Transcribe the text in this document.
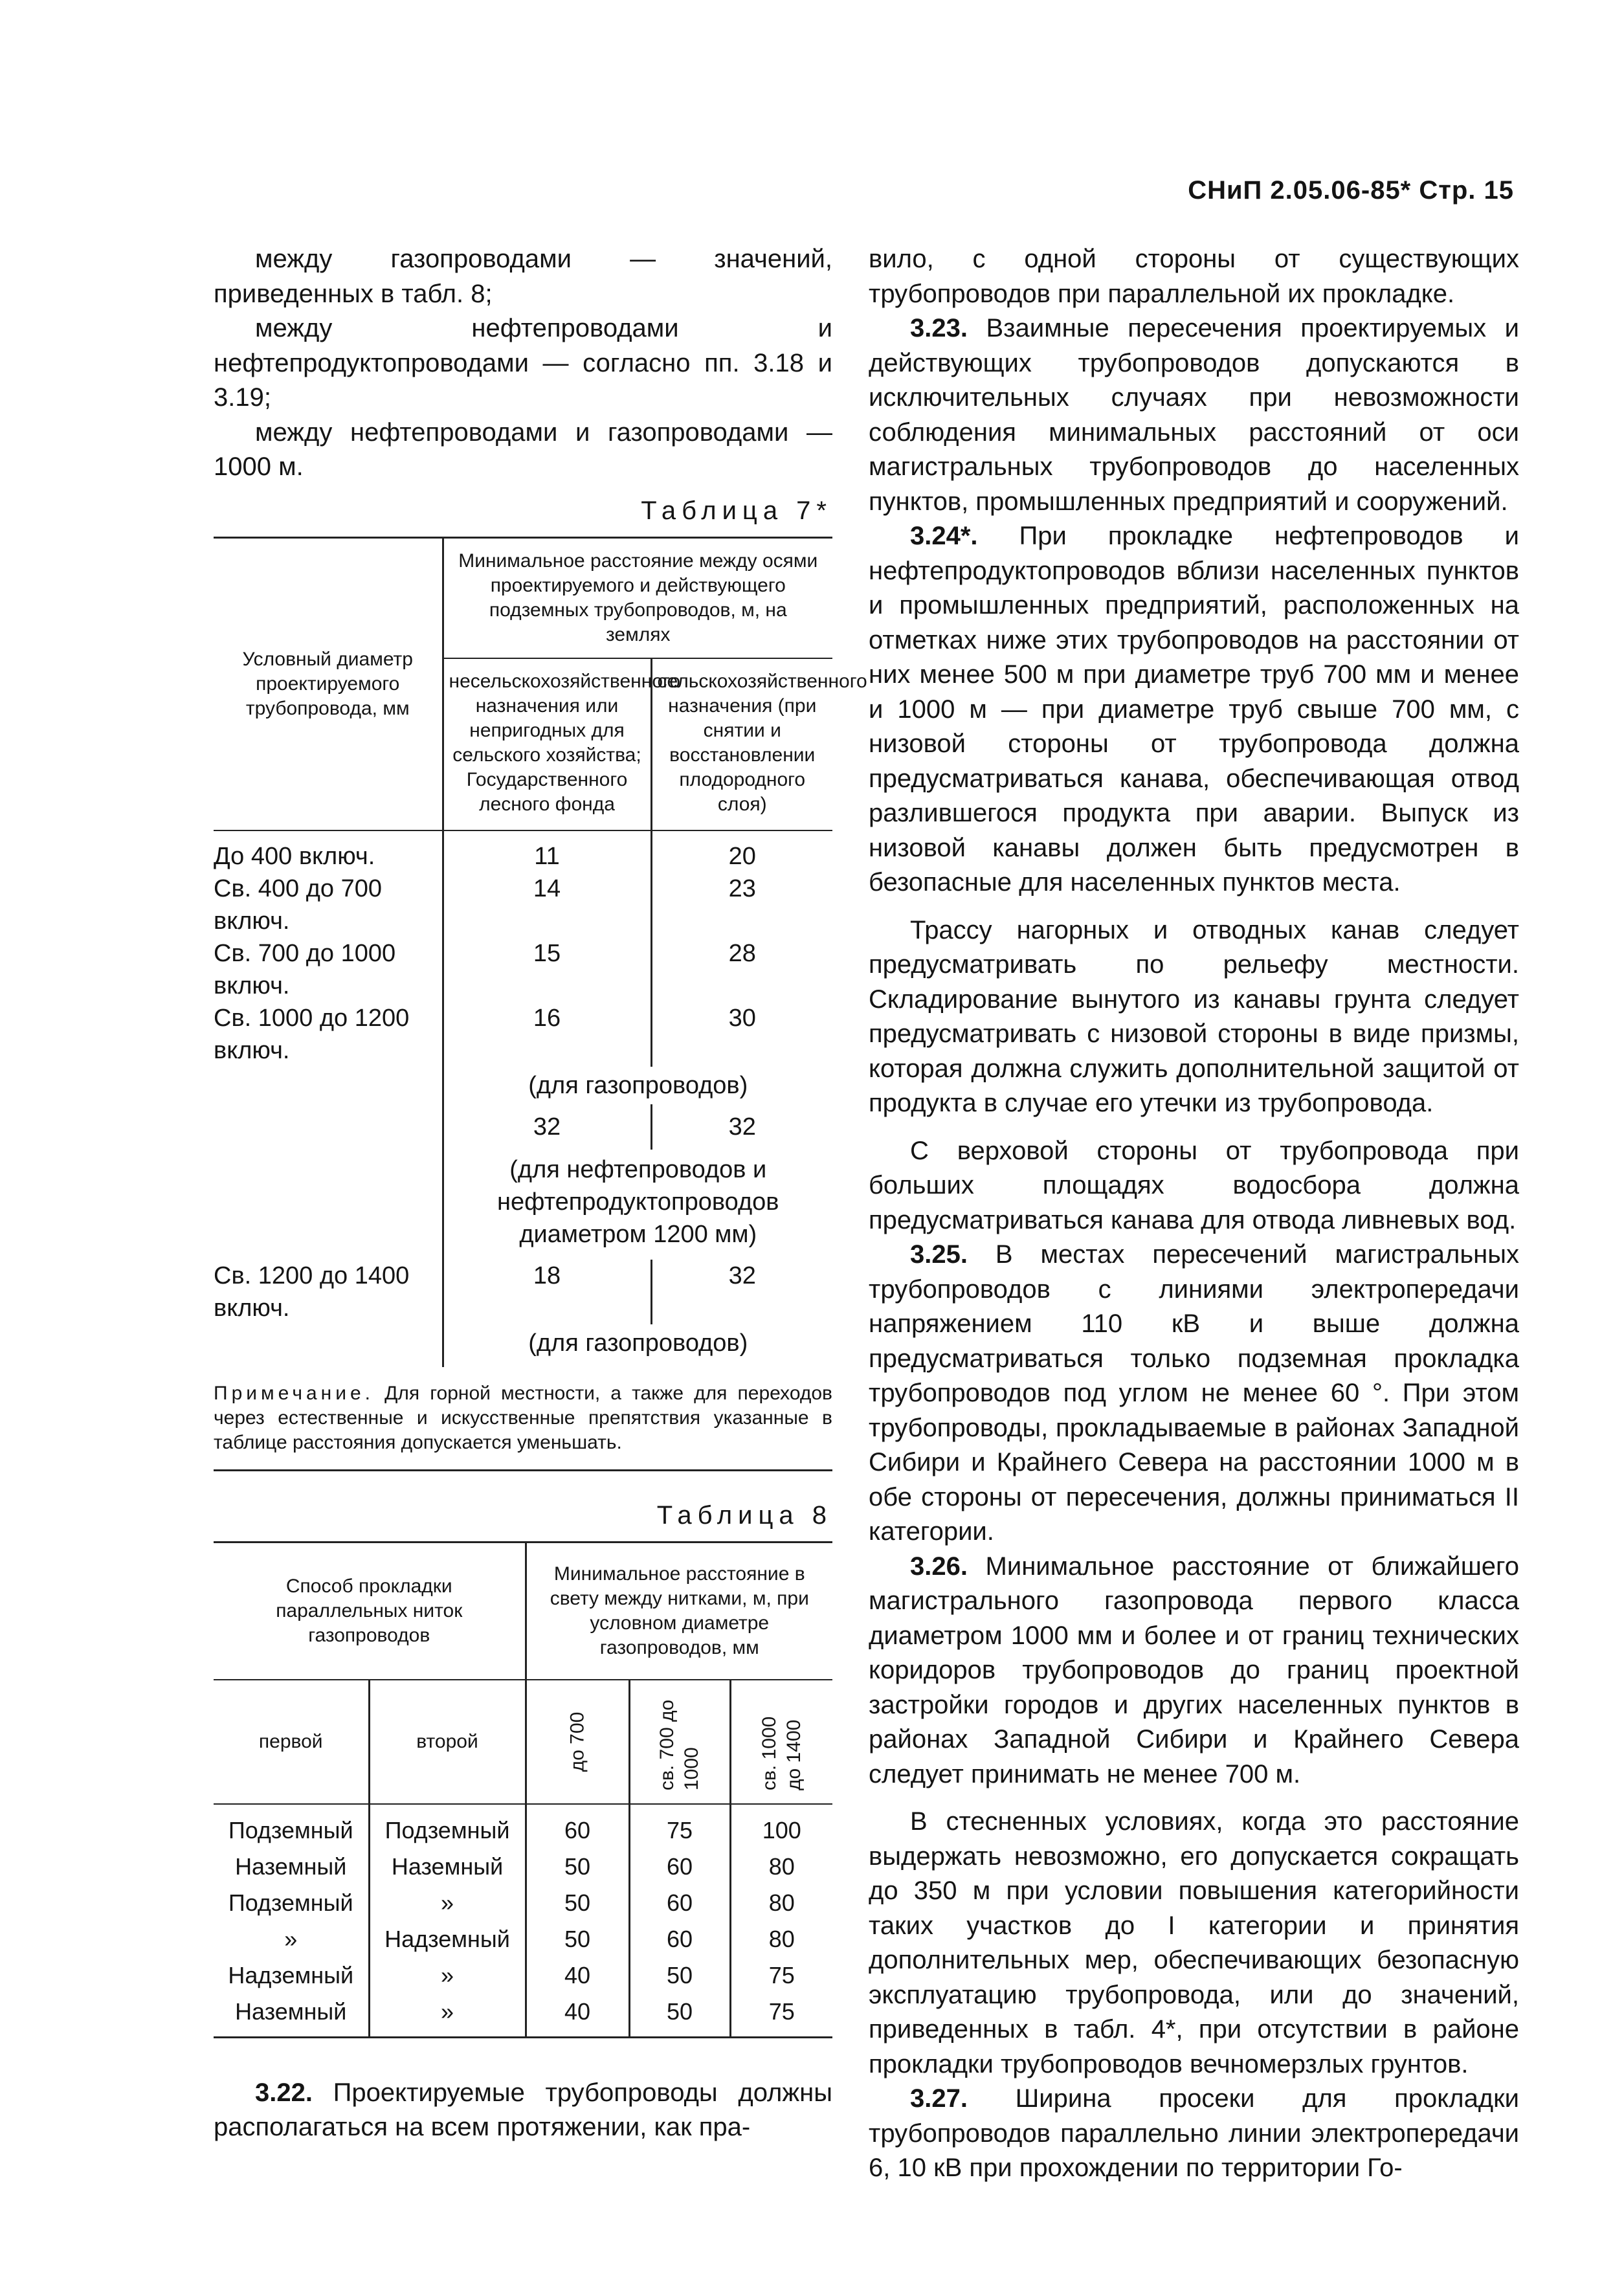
СНиП 2.05.06-85* Стр. 15

между газопроводами — значений, приведенных в табл. 8;

между нефтепроводами и нефтепродуктопроводами — согласно пп. 3.18 и 3.19;

между нефтепроводами и газопроводами — 1000 м.

Таблица 7*
Условный диаметр проектируемого трубопровода, мм	Минимальное расстояние между осями проектируемого и действующего подземных трубопроводов, м, на землях	
	несельскохозяйственного назначения или непригодных для сельского хозяйства; Государственного лесного фонда	сельскохозяйственного назначения (при снятии и восстановлении плодородного слоя)
До 400 включ.	11	20
Св. 400 до 700 включ.	14	23
Св. 700 до 1000 включ.	15	28
Св. 1000 до 1200 включ.	16	30
	(для газопроводов)	
	32	32
	(для нефтепроводов и нефтепродуктопроводов диаметром 1200 мм)	
Св. 1200 до 1400 включ.	18	32
	(для газопроводов)	

Примечание. Для горной местности, а также для переходов через естественные и искусственные препятствия указанные в таблице расстояния допускается уменьшать.

Таблица 8
Способ прокладки параллельных ниток газопроводов		Минимальное расстояние в свету между нитками, м, при условном диаметре газопроводов, мм		
первой	второй	до 700	св. 700 до 1000	св. 1000 до 1400
Подземный	Подземный	60	75	100
Наземный	Наземный	50	60	80
Подземный	»	50	60	80
»	Надземный	50	60	80
Надземный	»	40	50	75
Наземный	»	40	50	75

3.22. Проектируемые трубопроводы должны располагаться на всем протяжении, как пра-

вило, с одной стороны от существующих трубопроводов при параллельной их прокладке.

3.23. Взаимные пересечения проектируемых и действующих трубопроводов допускаются в исключительных случаях при невозможности соблюдения минимальных расстояний от оси магистральных трубопроводов до населенных пунктов, промышленных предприятий и сооружений.

3.24*. При прокладке нефтепроводов и нефтепродуктопроводов вблизи населенных пунктов и промышленных предприятий, расположенных на отметках ниже этих трубопроводов на расстоянии от них менее 500 м при диаметре труб 700 мм и менее и 1000 м — при диаметре труб свыше 700 мм, с низовой стороны от трубопровода должна предусматриваться канава, обеспечивающая отвод разлившегося продукта при аварии. Выпуск из низовой канавы должен быть предусмотрен в безопасные для населенных пунктов места.

Трассу нагорных и отводных канав следует предусматривать по рельефу местности. Складирование вынутого из канавы грунта следует предусматривать с низовой стороны в виде призмы, которая должна служить дополнительной защитой от продукта в случае его утечки из трубопровода.

С верховой стороны от трубопровода при больших площадях водосбора должна предусматриваться канава для отвода ливневых вод.

3.25. В местах пересечений магистральных трубопроводов с линиями электропередачи напряжением 110 кВ и выше должна предусматриваться только подземная прокладка трубопроводов под углом не менее 60 °. При этом трубопроводы, прокладываемые в районах Западной Сибири и Крайнего Севера на расстоянии 1000 м в обе стороны от пересечения, должны приниматься II категории.

3.26. Минимальное расстояние от ближайшего магистрального газопровода первого класса диаметром 1000 мм и более и от границ технических коридоров трубопроводов до границ проектной застройки городов и других населенных пунктов в районах Западной Сибири и Крайнего Севера следует принимать не менее 700 м.

В стесненных условиях, когда это расстояние выдержать невозможно, его допускается сокращать до 350 м при условии повышения категорийности таких участков до I категории и принятия дополнительных мер, обеспечивающих безопасную эксплуатацию трубопровода, или до значений, приведенных в табл. 4*, при отсутствии в районе прокладки трубопроводов вечномерзлых грунтов.

3.27. Ширина просеки для прокладки трубопроводов параллельно линии электропередачи 6, 10 кВ при прохождении по территории Го-
